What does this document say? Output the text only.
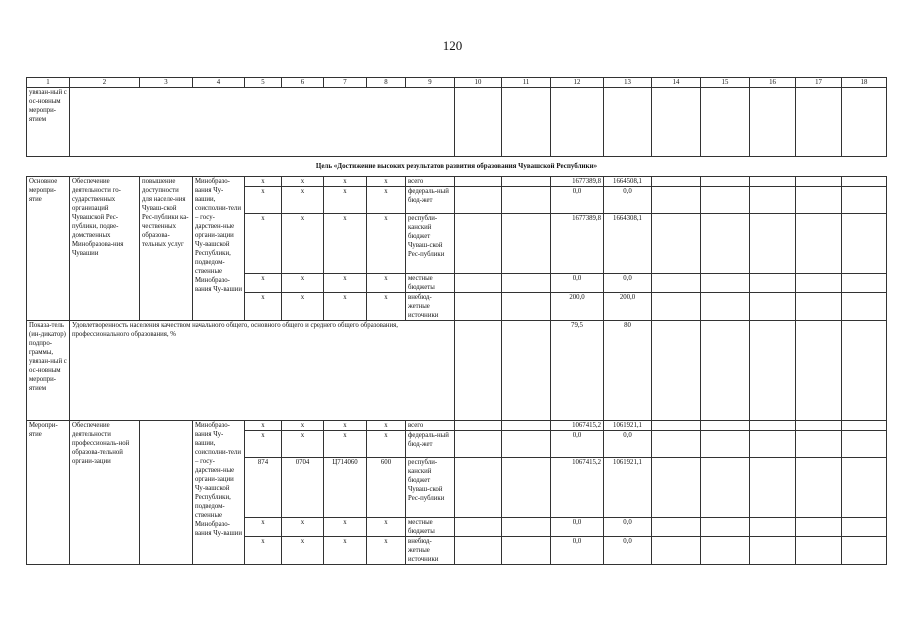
120
1	2	3	4	5	6	7	8	9	10	11	12	13	14	15	16	17	18
увязан-ный с ос-новным меропри-ятием																	
Цель «Достижение высоких результатов развития образования Чувашской Республики»																	
Основное меропри-ятие	Обеспечение деятельности го-сударственных организаций Чувашской Рес-публики, подве-домственных Минобразова-ния Чувашии	повышение доступности для населе-ния Чуваш-ской Рес-публики ка-чественных образова-тельных услуг	Минобразо-вания Чу-вашии, соисполни-тели – госу-дарствен-ные органи-зации Чу-вашской Республики, подведом-ственные Минобразо-вания Чу-вашии	x	x	x	x	всего			1677389,8	1664508,1					
				x	x	x	x	федераль-ный бюд-жет			0,0	0,0					
				x	x	x	x	республи-канский бюджет Чуваш-ской Рес-публики			1677389,8	1664308,1					
				x	x	x	x	местные бюджеты			0,0	0,0					
				x	x	x	x	внебюд-жетные источники			200,0	200,0					
Показа-тель (ин-дикатор) подпро-граммы, увязан-ный с ос-новным меропри-ятием	Удовлетворенность населения качеством начального общего, основного общего и среднего общего образования, профессионального образования, %										79,5	80					
Меропри-ятие	Обеспечение деятельности профессиональ-ной образова-тельной органи-зации		Минобразо-вания Чу-вашии, соисполни-тели – госу-дарствен-ные органи-зации Чу-вашской Республики, подведом-ственные Минобразо-вания Чу-вашии	x	x	x	x	всего			1067415,2	1061921,1					
				x	x	x	x	федераль-ный бюд-жет			0,0	0,0					
				874	0704	Ц714060	600	республи-канский бюджет Чуваш-ской Рес-публики			1067415,2	1061921,1					
				x	x	x	x	местные бюджеты			0,0	0,0					
				x	x	x	x	внебюд-жетные источники			0,0	0,0					
